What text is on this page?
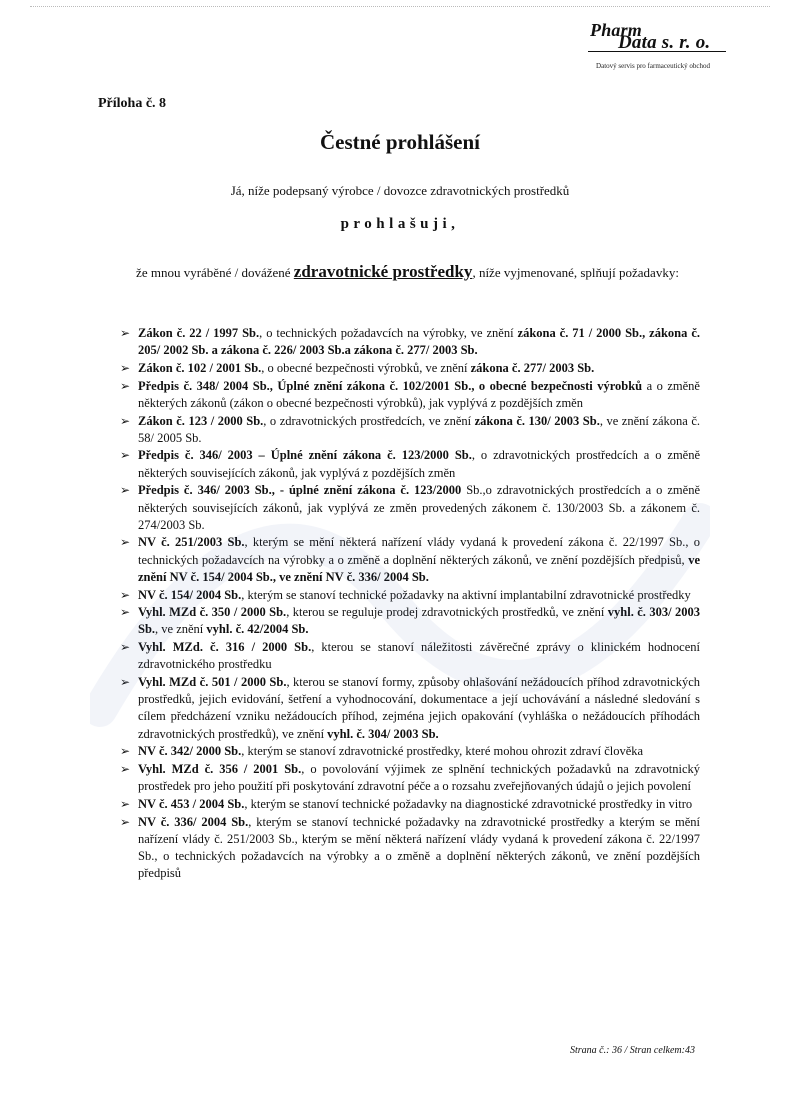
Pharm
Data s. r. o.
Datový servis pro farmaceutický obchod
Příloha č. 8
Čestné prohlášení
Já, níže podepsaný výrobce / dovozce zdravotnických prostředků
prohlašuji,
že mnou vyráběné / dovážené zdravotnické prostředky, níže vyjmenované, splňují požadavky:
➢ Zákon č. 22 / 1997 Sb., o technických požadavcích na výrobky, ve znění zákona č. 71 / 2000 Sb., zákona č. 205/ 2002 Sb. a zákona č. 226/ 2003 Sb.a zákona č. 277/ 2003 Sb.
➢ Zákon č. 102 / 2001 Sb., o obecné bezpečnosti výrobků, ve znění zákona č. 277/ 2003 Sb.
➢ Předpis č. 348/ 2004 Sb., Úplné znění zákona č. 102/2001 Sb., o obecné bezpečnosti výrobků a o změně některých zákonů (zákon o obecné bezpečnosti výrobků), jak vyplývá z pozdějších změn
➢ Zákon č. 123 / 2000 Sb., o zdravotnických prostředcích, ve znění zákona č. 130/ 2003 Sb., ve znění zákona č. 58/ 2005 Sb.
➢ Předpis č. 346/ 2003 – Úplné znění zákona č. 123/2000 Sb., o zdravotnických prostředcích a o změně některých souvisejících zákonů, jak vyplývá z pozdějších změn
➢ Předpis č. 346/ 2003 Sb., - úplné znění zákona č. 123/2000 Sb.,o zdravotnických prostředcích a o změně některých souvisejících zákonů, jak vyplývá ze změn provedených zákonem č. 130/2003 Sb. a zákonem č. 274/2003 Sb.
➢ NV č. 251/2003 Sb., kterým se mění některá nařízení vlády vydaná k provedení zákona č. 22/1997 Sb., o technických požadavcích na výrobky a o změně a doplnění některých zákonů, ve znění pozdějších předpisů, ve znění NV č. 154/ 2004 Sb., ve znění NV č. 336/ 2004 Sb.
➢ NV č. 154/ 2004 Sb., kterým se stanoví technické požadavky na aktivní implantabilní zdravotnické prostředky
➢ Vyhl. MZd č. 350 / 2000 Sb., kterou se reguluje prodej zdravotnických prostředků, ve znění vyhl. č. 303/ 2003 Sb., ve znění vyhl. č. 42/2004 Sb.
➢ Vyhl. MZd. č. 316 / 2000 Sb., kterou se stanoví náležitosti závěrečné zprávy o klinickém hodnocení zdravotnického prostředku
➢ Vyhl. MZd č. 501 / 2000 Sb., kterou se stanoví formy, způsoby ohlašování nežádoucích příhod zdravotnických prostředků, jejich evidování, šetření a vyhodnocování, dokumentace a její uchovávání a následné sledování s cílem předcházení vzniku nežádoucích příhod, zejména jejich opakování (vyhláška o nežádoucích příhodách zdravotnických prostředků), ve znění vyhl. č. 304/ 2003 Sb.
➢ NV č. 342/ 2000 Sb., kterým se stanoví zdravotnické prostředky, které mohou ohrozit zdraví člověka
➢ Vyhl. MZd č. 356 / 2001 Sb., o povolování výjimek ze splnění technických požadavků na zdravotnický prostředek pro jeho použití při poskytování zdravotní péče a o rozsahu zveřejňovaných údajů o jejich povolení
➢ NV č. 453 / 2004 Sb., kterým se stanoví technické požadavky na diagnostické zdravotnické prostředky in vitro
➢ NV č. 336/ 2004 Sb., kterým se stanoví technické požadavky na zdravotnické prostředky a kterým se mění nařízení vlády č. 251/2003 Sb., kterým se mění některá nařízení vlády vydaná k provedení zákona č. 22/1997 Sb., o technických požadavcích na výrobky a o změně a doplnění některých zákonů, ve znění pozdějších předpisů
Strana č.: 36 / Stran celkem:43
